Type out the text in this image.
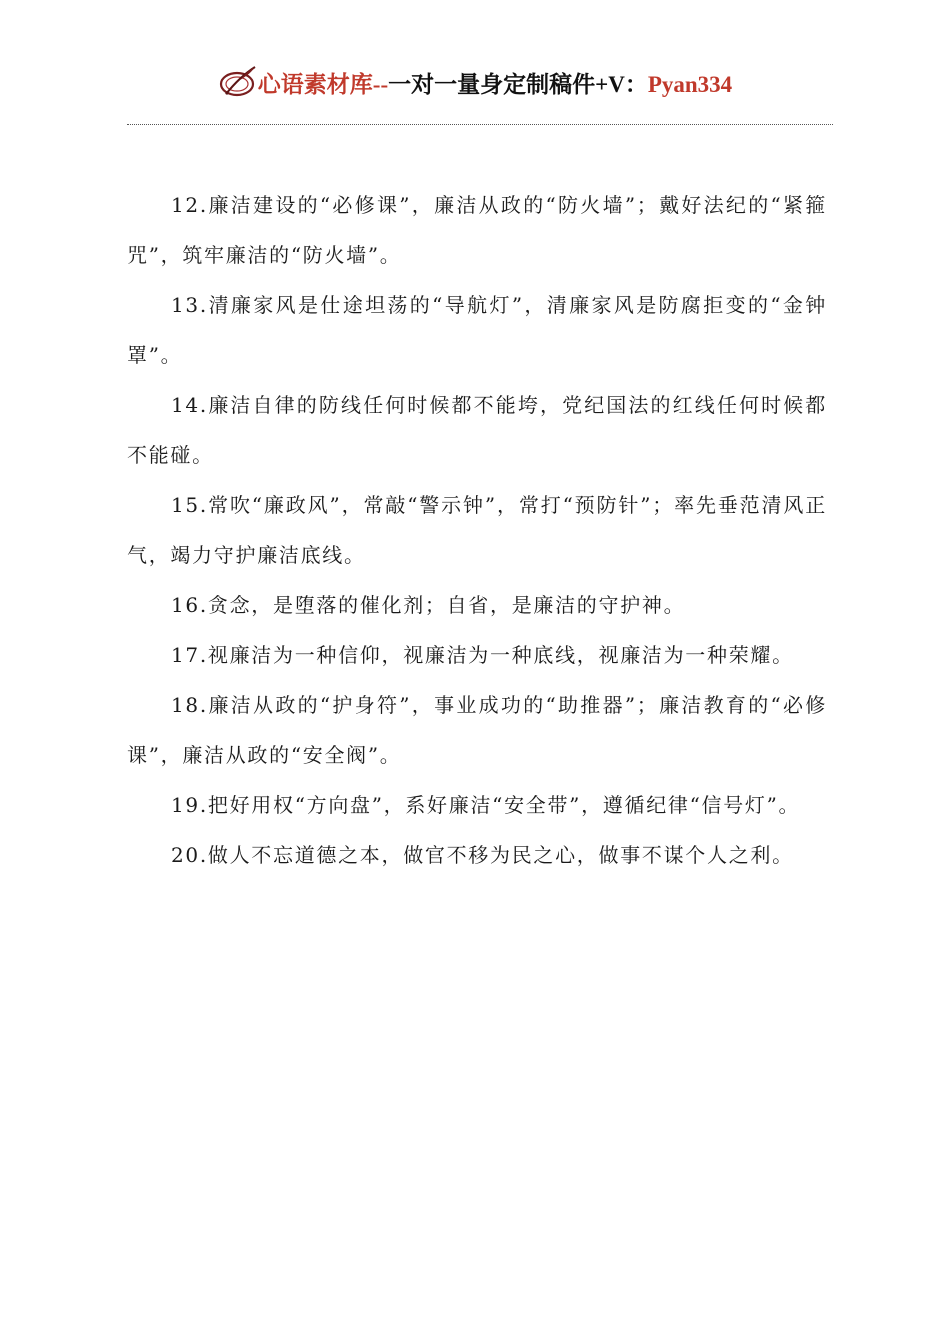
心语素材库--一对一量身定制稿件+V：Pyan334

12.廉洁建设的“必修课”，廉洁从政的“防火墙”；戴好法纪的“紧箍咒”，筑牢廉洁的“防火墙”。

13.清廉家风是仕途坦荡的“导航灯”，清廉家风是防腐拒变的“金钟罩”。

14.廉洁自律的防线任何时候都不能垮，党纪国法的红线任何时候都不能碰。

15.常吹“廉政风”，常敲“警示钟”，常打“预防针”；率先垂范清风正气，竭力守护廉洁底线。

16.贪念，是堕落的催化剂；自省，是廉洁的守护神。

17.视廉洁为一种信仰，视廉洁为一种底线，视廉洁为一种荣耀。

18.廉洁从政的“护身符”，事业成功的“助推器”；廉洁教育的“必修课”，廉洁从政的“安全阀”。

19.把好用权“方向盘”，系好廉洁“安全带”，遵循纪律“信号灯”。

20.做人不忘道德之本，做官不移为民之心，做事不谋个人之利。
